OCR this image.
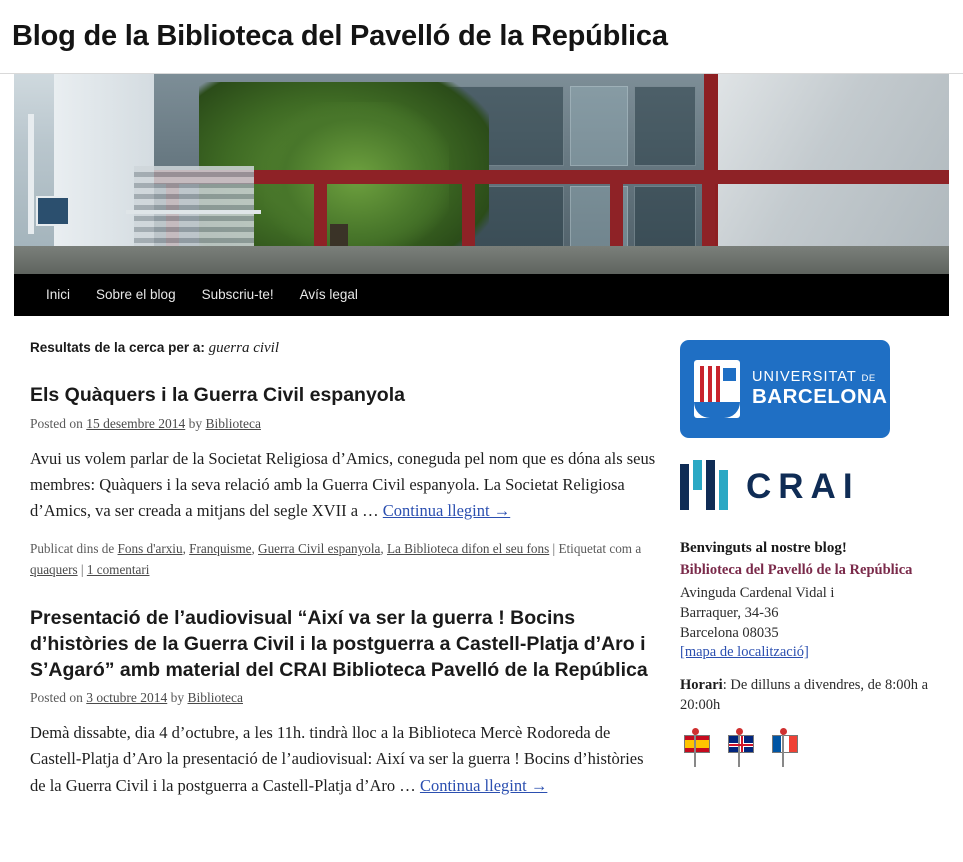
Blog de la Biblioteca del Pavelló de la República
Inici	Sobre el blog	Subscriu-te!	Avís legal
Resultats de la cerca per a: guerra civil
Els Quàquers i la Guerra Civil espanyola
Posted on 15 desembre 2014 by Biblioteca

Avui us volem parlar de la Societat Religiosa d’Amics, coneguda pel nom que es dóna als seus membres: Quàquers i la seva relació amb la Guerra Civil espanyola. La Societat Religiosa d’Amics, va ser creada a mitjans del segle XVII a … Continua llegint →

Publicat dins de Fons d'arxiu, Franquisme, Guerra Civil espanyola, La Biblioteca difon el seu fons | Etiquetat com a
quaquers | 1 comentari
Presentació de l’audiovisual “Així va ser la guerra ! Bocins d’històries de la Guerra Civil i la postguerra a Castell-Platja d’Aro i S’Agaró” amb material del CRAI Biblioteca Pavelló de la República
Posted on 3 octubre 2014 by Biblioteca

Demà dissabte, dia 4 d’octubre, a les 11h. tindrà lloc a la Biblioteca Mercè Rodoreda de Castell-Platja d’Aro la presentació de l’audiovisual: Així va ser la guerra ! Bocins d’històries de la Guerra Civil i la postguerra a Castell-Platja d’Aro … Continua llegint →

UNIVERSITAT DE
BARCELONA
CRAI
Benvinguts al nostre blog!
Biblioteca del Pavelló de la República
Avinguda Cardenal Vidal i
Barraquer, 34-36
Barcelona 08035
[mapa de localització]
Horari: De dilluns a divendres, de 8:00h a 20:00h
